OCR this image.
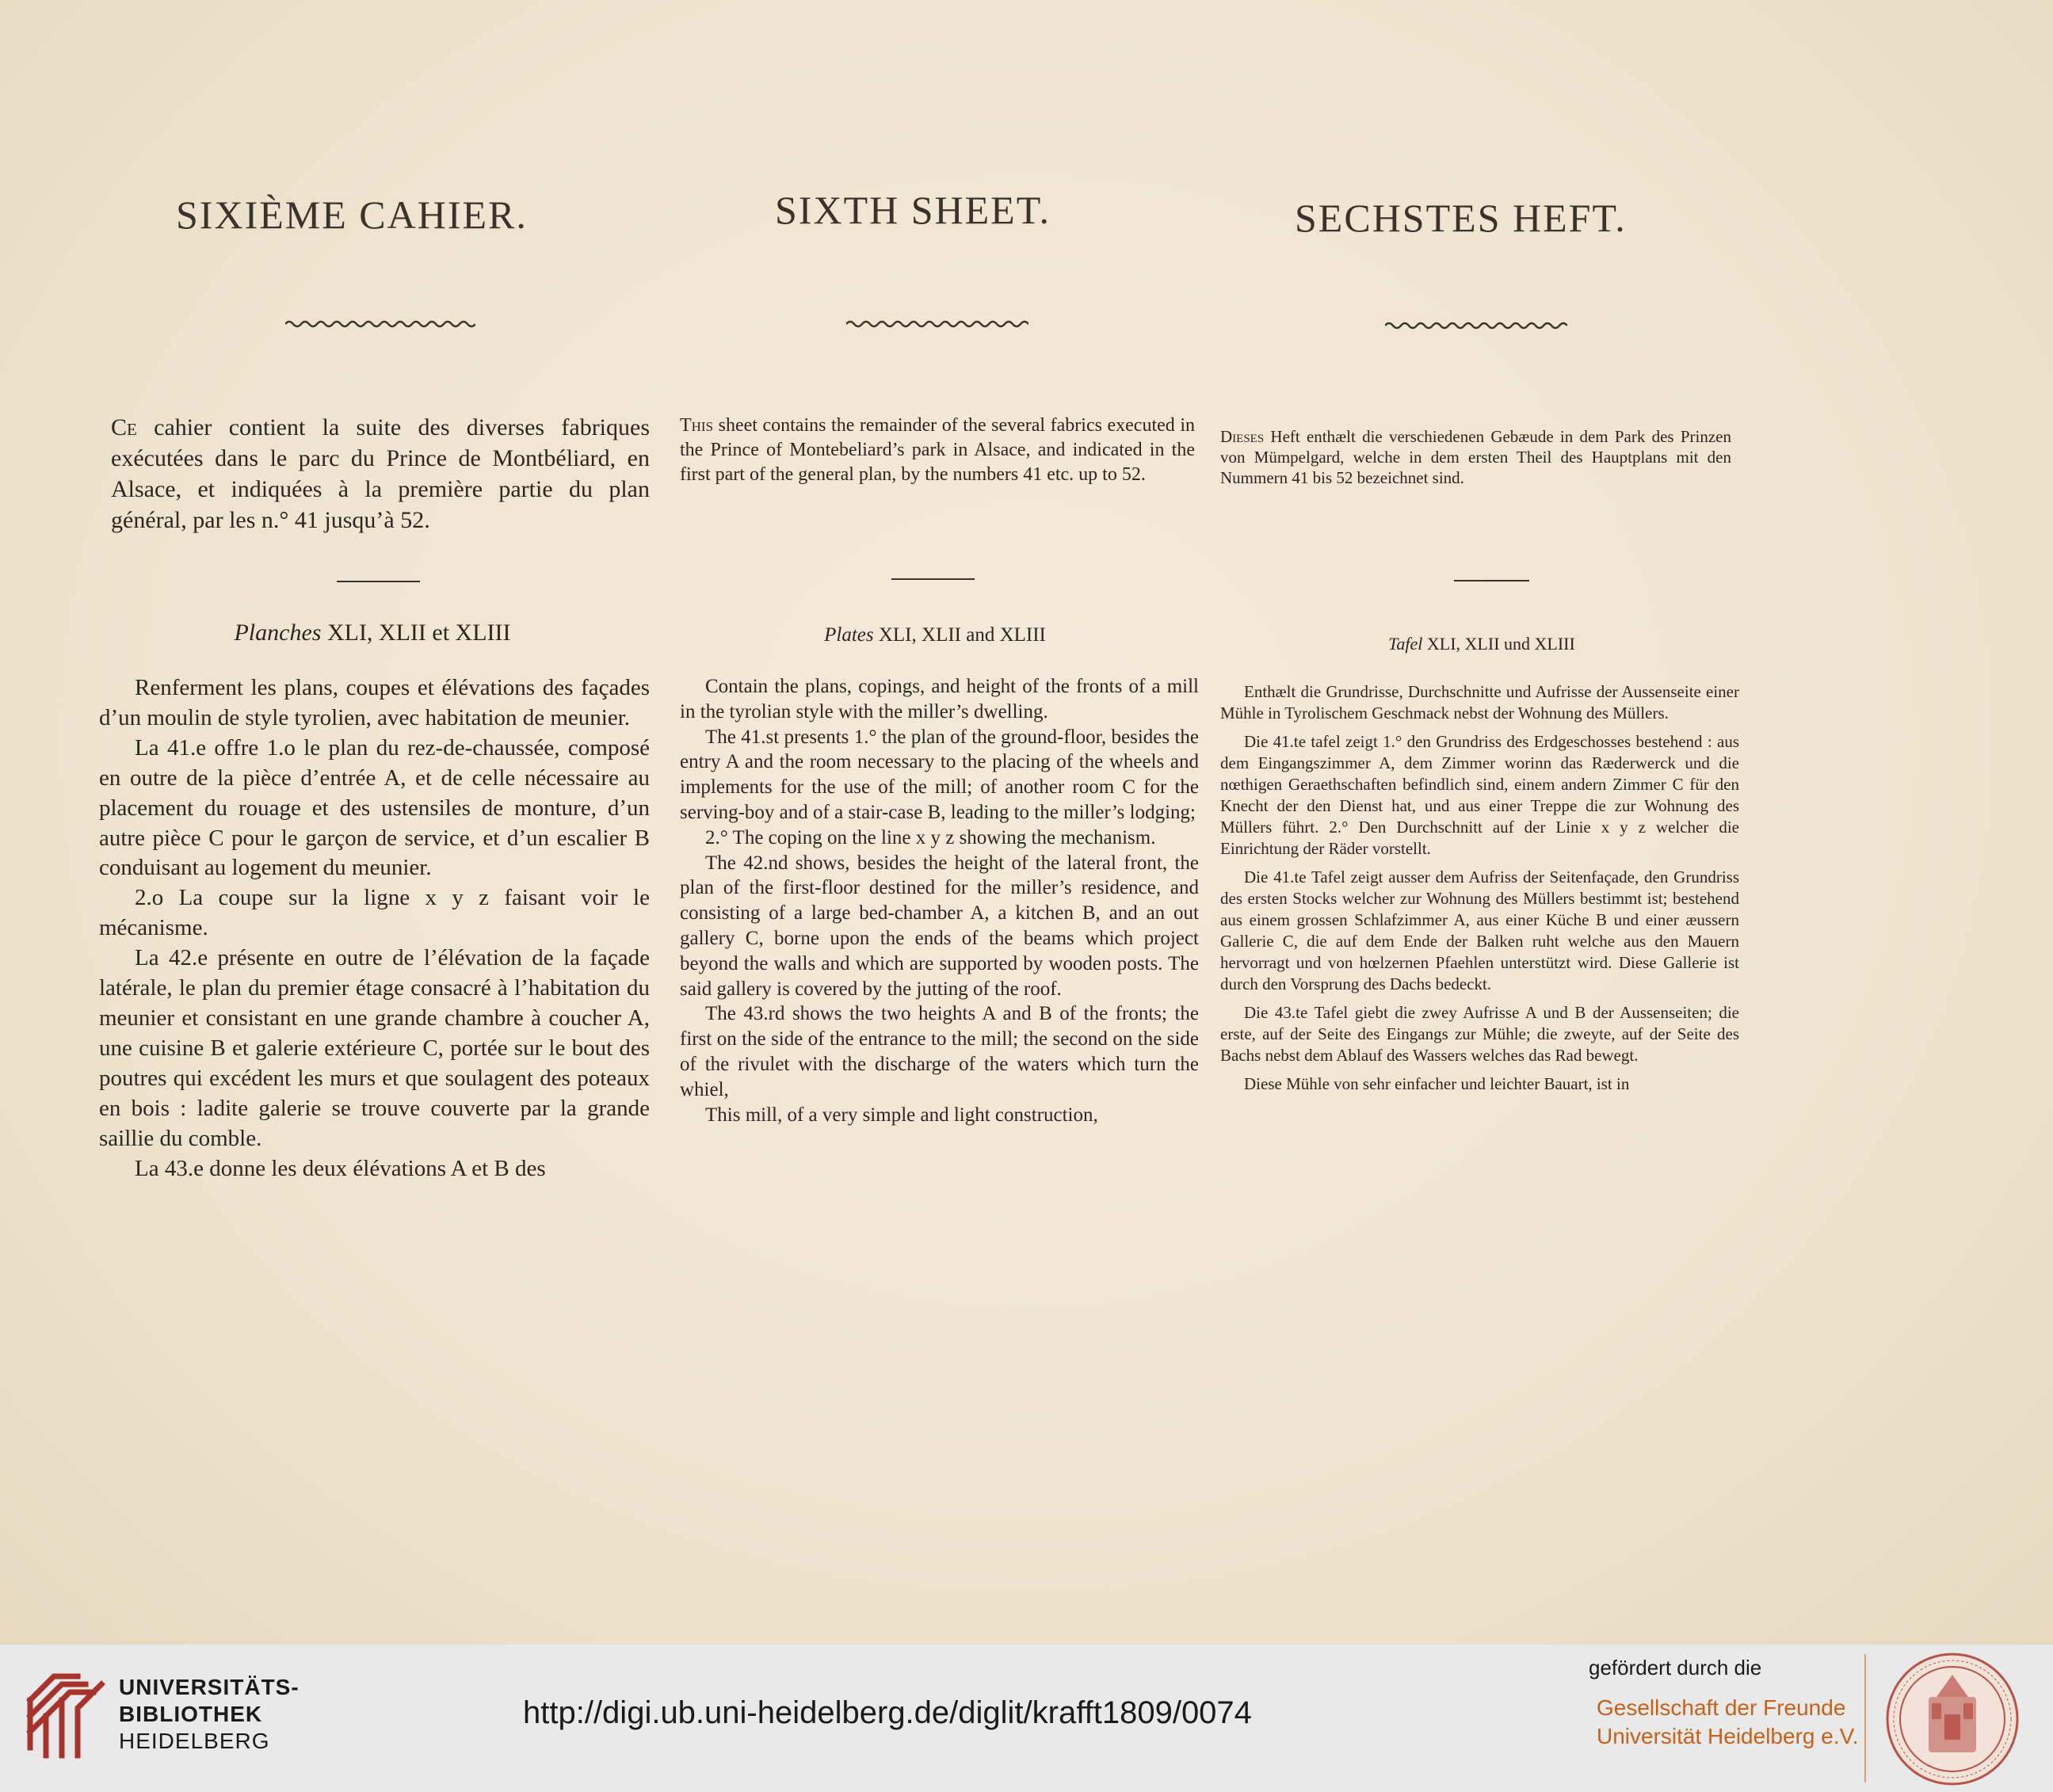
SIXIÈME CAHIER.
Ce cahier contient la suite des diverses fabriques exécutées dans le parc du Prince de Montbéliard, en Alsace, et indiquées à la première partie du plan général, par les n.° 41 jusqu’à 52.
Planches XLI, XLII et XLIII

Renferment les plans, coupes et élévations des façades d’un moulin de style tyrolien, avec habitation de meunier.

La 41.e offre 1.o le plan du rez-de-chaussée, composé en outre de la pièce d’entrée A, et de celle nécessaire au placement du rouage et des ustensiles de monture, d’un autre pièce C pour le garçon de service, et d’un escalier B conduisant au logement du meunier.

2.o La coupe sur la ligne x y z faisant voir le mécanisme.

La 42.e présente en outre de l’élévation de la façade latérale, le plan du premier étage consacré à l’habitation du meunier et consistant en une grande chambre à coucher A, une cuisine B et galerie extérieure C, portée sur le bout des poutres qui excédent les murs et que soulagent des poteaux en bois : ladite galerie se trouve couverte par la grande saillie du comble.

La 43.e donne les deux élévations A et B des

SIXTH SHEET.
This sheet contains the remainder of the several fabrics executed in the Prince of Montebeliard’s park in Alsace, and indicated in the first part of the general plan, by the numbers 41 etc. up to 52.
Plates XLI, XLII and XLIII

Contain the plans, copings, and height of the fronts of a mill in the tyrolian style with the miller’s dwelling.

The 41.st presents 1.° the plan of the ground-floor, besides the entry A and the room necessary to the placing of the wheels and implements for the use of the mill; of another room C for the serving-boy and of a stair-case B, leading to the miller’s lodging;

2.° The coping on the line x y z showing the mechanism.

The 42.nd shows, besides the height of the lateral front, the plan of the first-floor destined for the miller’s residence, and consisting of a large bed-chamber A, a kitchen B, and an out gallery C, borne upon the ends of the beams which project beyond the walls and which are supported by wooden posts. The said gallery is covered by the jutting of the roof.

The 43.rd shows the two heights A and B of the fronts; the first on the side of the entrance to the mill; the second on the side of the rivulet with the discharge of the waters which turn the whiel,

This mill, of a very simple and light construction,

SECHSTES HEFT.
Dieses Heft enthælt die verschiedenen Gebæude in dem Park des Prinzen von Mümpelgard, welche in dem ersten Theil des Hauptplans mit den Nummern 41 bis 52 bezeichnet sind.
Tafel XLI, XLII und XLIII

Enthælt die Grundrisse, Durchschnitte und Aufrisse der Aussenseite einer Mühle in Tyrolischem Geschmack nebst der Wohnung des Müllers.

Die 41.te tafel zeigt 1.° den Grundriss des Erdgeschosses bestehend : aus dem Eingangszimmer A, dem Zimmer worinn das Ræderwerck und die nœthigen Geraethschaften befindlich sind, einem andern Zimmer C für den Knecht der den Dienst hat, und aus einer Treppe die zur Wohnung des Müllers führt. 2.° Den Durchschnitt auf der Linie x y z welcher die Einrichtung der Räder vorstellt.

Die 41.te Tafel zeigt ausser dem Aufriss der Seitenfaçade, den Grundriss des ersten Stocks welcher zur Wohnung des Müllers bestimmt ist; bestehend aus einem grossen Schlafzimmer A, aus einer Küche B und einer æussern Gallerie C, die auf dem Ende der Balken ruht welche aus den Mauern hervorragt und von hœlzernen Pfaehlen unterstützt wird. Diese Gallerie ist durch den Vorsprung des Dachs bedeckt.

Die 43.te Tafel giebt die zwey Aufrisse A und B der Aussenseiten; die erste, auf der Seite des Eingangs zur Mühle; die zweyte, auf der Seite des Bachs nebst dem Ablauf des Wassers welches das Rad bewegt.

Diese Mühle von sehr einfacher und leichter Bauart, ist in

UNIVERSITÄTS-
BIBLIOTHEK
HEIDELBERG
http://digi.ub.uni-heidelberg.de/diglit/krafft1809/0074
gefördert durch die
Gesellschaft der Freunde
Universität Heidelberg e.V.
